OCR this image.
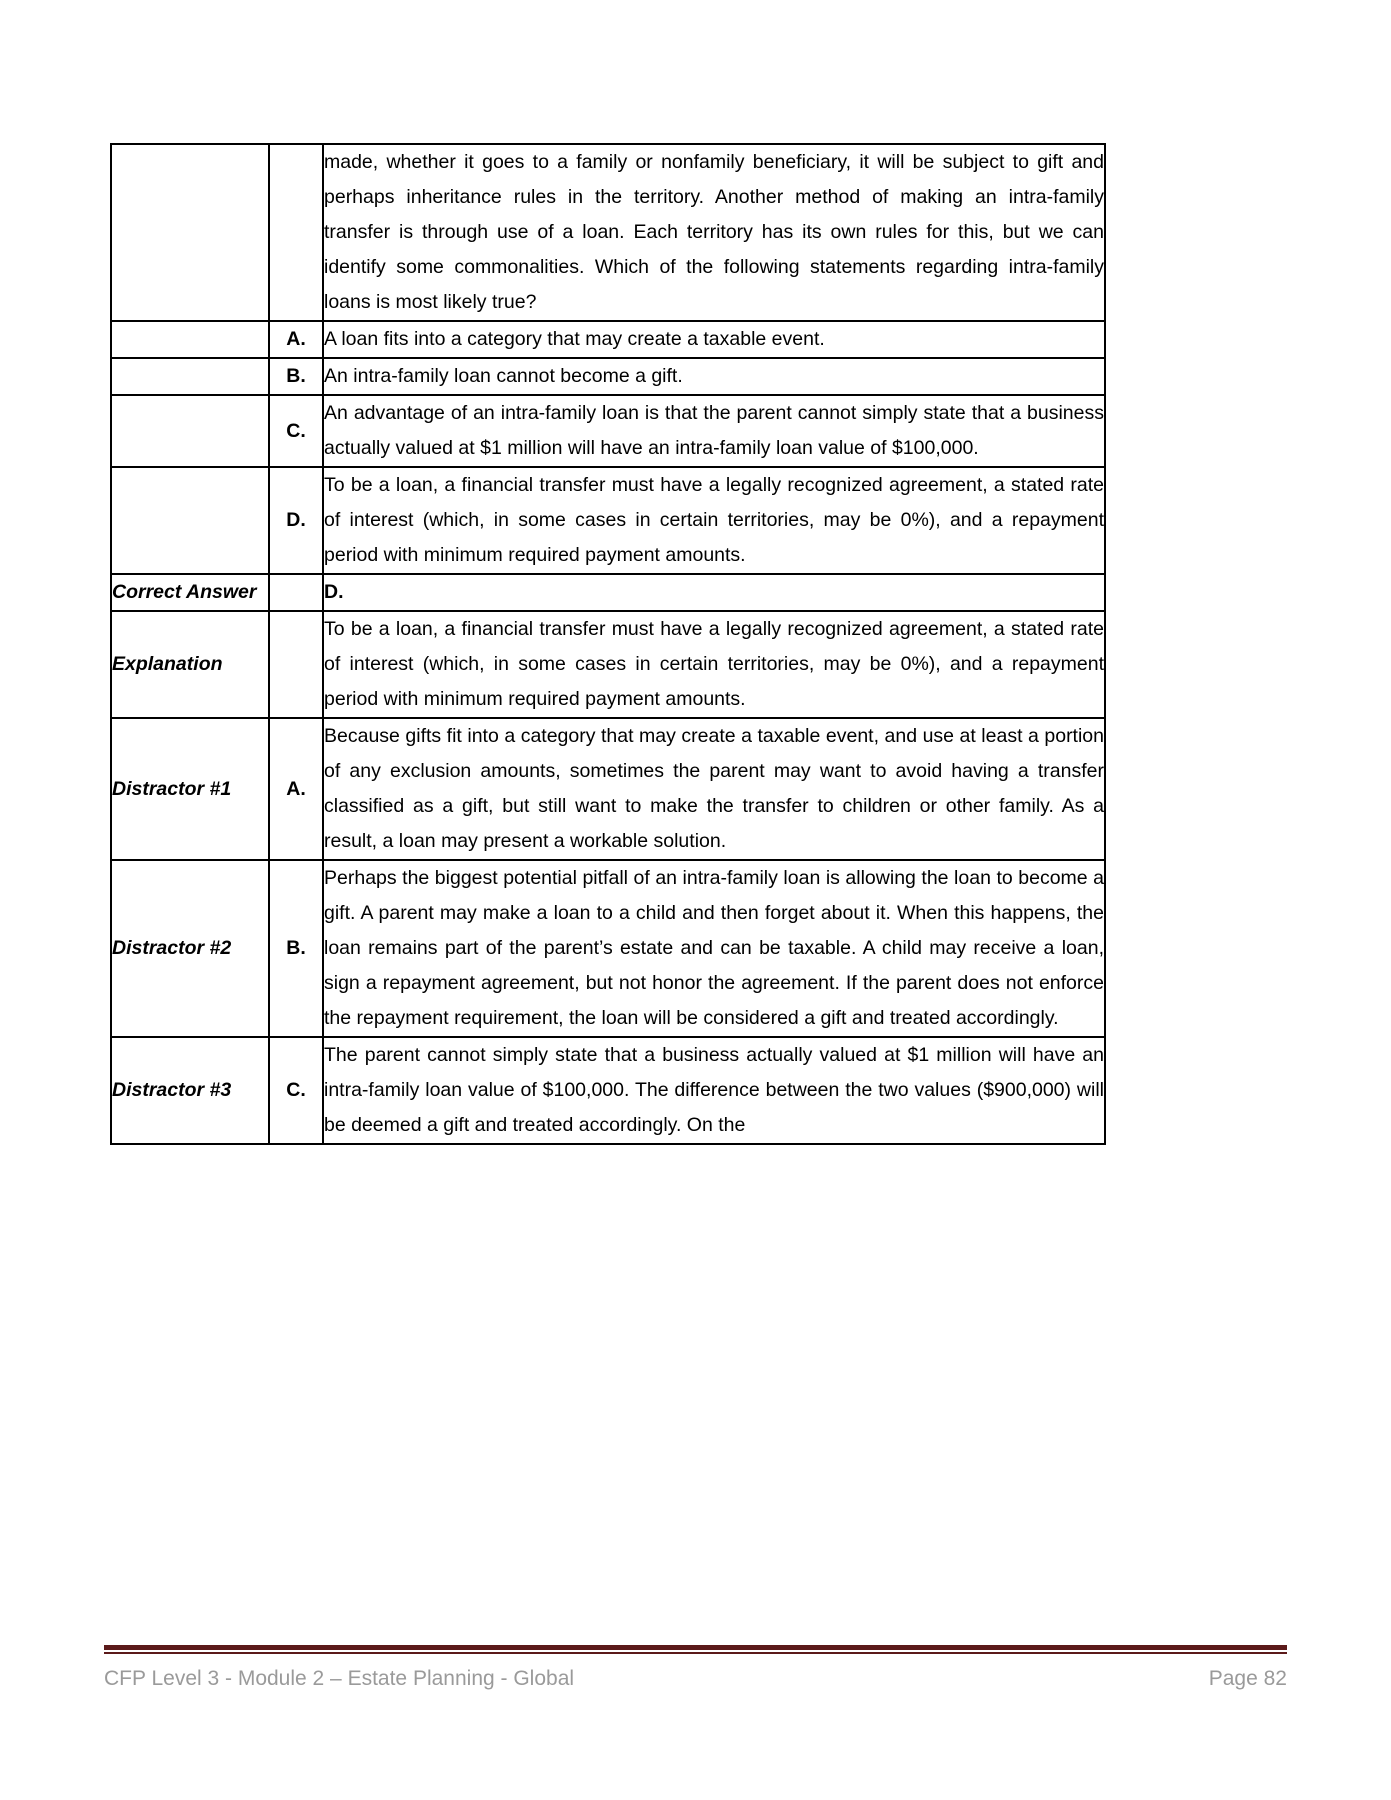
		made, whether it goes to a family or nonfamily beneficiary, it will be subject to gift and perhaps inheritance rules in the territory. Another method of making an intra-family transfer is through use of a loan. Each territory has its own rules for this, but we can identify some commonalities. Which of the following statements regarding intra-family loans is most likely true?
	A.	A loan fits into a category that may create a taxable event.
	B.	An intra-family loan cannot become a gift.
	C.	An advantage of an intra-family loan is that the parent cannot simply state that a business actually valued at $1 million will have an intra-family loan value of $100,000.
	D.	To be a loan, a financial transfer must have a legally recognized agreement, a stated rate of interest (which, in some cases in certain territories, may be 0%), and a repayment period with minimum required payment amounts.
Correct Answer		D.
Explanation		To be a loan, a financial transfer must have a legally recognized agreement, a stated rate of interest (which, in some cases in certain territories, may be 0%), and a repayment period with minimum required payment amounts.
Distractor #1	A.	Because gifts fit into a category that may create a taxable event, and use at least a portion of any exclusion amounts, sometimes the parent may want to avoid having a transfer classified as a gift, but still want to make the transfer to children or other family. As a result, a loan may present a workable solution.
Distractor #2	B.	Perhaps the biggest potential pitfall of an intra-family loan is allowing the loan to become a gift. A parent may make a loan to a child and then forget about it. When this happens, the loan remains part of the parent’s estate and can be taxable. A child may receive a loan, sign a repayment agreement, but not honor the agreement. If the parent does not enforce the repayment requirement, the loan will be considered a gift and treated accordingly.
Distractor #3	C.	The parent cannot simply state that a business actually valued at $1 million will have an intra-family loan value of $100,000. The difference between the two values ($900,000) will be deemed a gift and treated accordingly. On the
CFP Level 3 - Module 2 – Estate Planning - Global	Page 82
